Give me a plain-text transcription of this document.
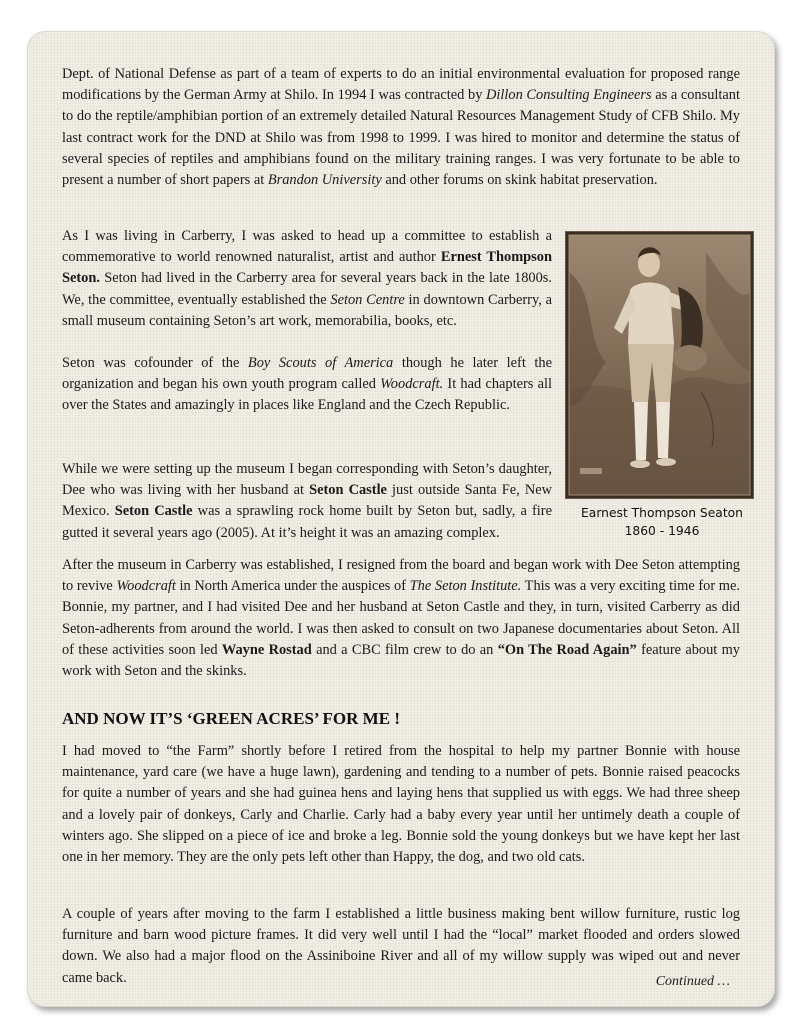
Dept. of National Defense as part of a team of experts to do an initial environmental evaluation for proposed range modifications by the German Army at Shilo. In 1994 I was contracted by Dillon Consulting Engineers as a consultant to do the reptile/amphibian portion of an extremely detailed Natural Resources Management Study of CFB Shilo. My last contract work for the DND at Shilo was from 1998 to 1999. I was hired to monitor and determine the status of several species of reptiles and amphibians found on the military training ranges. I was very fortunate to be able to present a number of short papers at Brandon University and other forums on skink habitat preservation.

As I was living in Carberry, I was asked to head up a committee to establish a commemorative to world renowned naturalist, artist and author Ernest Thompson Seton. Seton had lived in the Carberry area for several years back in the late 1800s. We, the committee, eventually established the Seton Centre in downtown Carberry, a small museum containing Seton’s art work, memorabilia, books, etc.

Seton was cofounder of the Boy Scouts of America though he later left the organization and began his own youth program called Woodcraft. It had chapters all over the States and amazingly in places like England and the Czech Republic.

While we were setting up the museum I began corresponding with Seton’s daughter, Dee who was living with her husband at Seton Castle just outside Santa Fe, New Mexico. Seton Castle was a sprawling rock home built by Seton but, sadly, a fire gutted it several years ago (2005). At it’s height it was an amazing complex.

Earnest Thompson Seaton
1860 - 1946

After the museum in Carberry was established, I resigned from the board and began work with Dee Seton attempting to revive Woodcraft in North America under the auspices of The Seton Institute. This was a very exciting time for me. Bonnie, my partner, and I had visited Dee and her husband at Seton Castle and they, in turn, visited Carberry as did Seton-adherents from around the world. I was then asked to consult on two Japanese documentaries about Seton. All of these activities soon led Wayne Rostad and a CBC film crew to do an “On The Road Again” feature about my work with Seton and the skinks.

AND NOW IT’S ‘GREEN ACRES’ FOR ME !

I had moved to “the Farm” shortly before I retired from the hospital to help my partner Bonnie with house maintenance, yard care (we have a huge lawn), gardening and tending to a number of pets. Bonnie raised peacocks for quite a number of years and she had guinea hens and laying hens that supplied us with eggs. We had three sheep and a lovely pair of donkeys, Carly and Charlie. Carly had a baby every year until her untimely death a couple of winters ago. She slipped on a piece of ice and broke a leg. Bonnie sold the young donkeys but we have kept her last one in her memory. They are the only pets left other than Happy, the dog, and two old cats.

A couple of years after moving to the farm I established a little business making bent willow furniture, rustic log furniture and barn wood picture frames. It did very well until I had the “local” market flooded and orders slowed down. We also had a major flood on the Assiniboine River and all of my willow supply was wiped out and never came back.	Continued …
